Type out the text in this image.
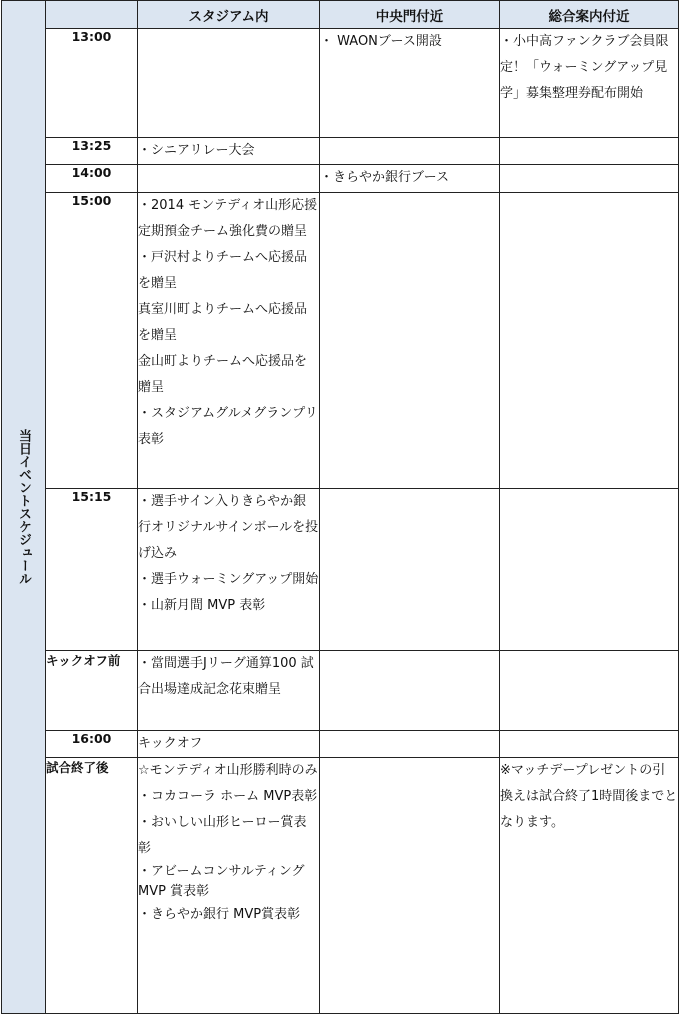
当日イベントスケジュール		スタジアム内	中央門付近	総合案内付近
	13:00		・ WAONブース開設	・小中高ファンクラブ会員限定！「ウォーミングアップ見学」募集整理券配布開始

	13:25	・シニアリレー大会		

	14:00		・きらやか銀行ブース	

	15:00	・2014 モンテディオ山形応援定期預金チーム強化費の贈呈
・戸沢村よりチームへ応援品を贈呈
真室川町よりチームへ応援品を贈呈
金山町よりチームへ応援品を贈呈
・スタジアムグルメグランプリ表彰		

	15:15	・選手サイン入りきらやか銀行オリジナルサインボールを投げ込み
・選手ウォーミングアップ開始
・山新月間 MVP 表彰		

	キックオフ前	・當間選手Jリーグ通算100 試合出場達成記念花束贈呈		

	16:00	キックオフ		

	試合終了後	☆モンテディオ山形勝利時のみ
・コカコーラ ホーム MVP表彰
・おいしい山形ヒーロー賞表彰
・アビームコンサルティング MVP 賞表彰
・きらやか銀行 MVP賞表彰		※マッチデープレゼントの引換えは試合終了1時間後までとなります。
